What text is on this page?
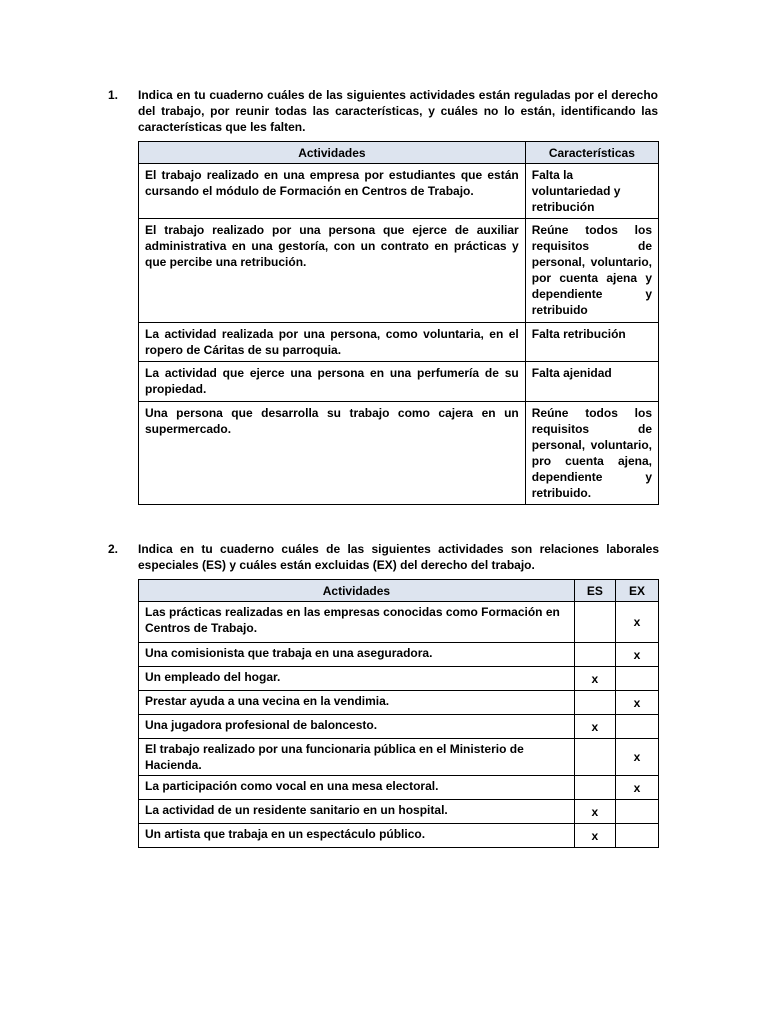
1. Indica en tu cuaderno cuáles de las siguientes actividades están reguladas por el derecho del trabajo, por reunir todas las características, y cuáles no lo están, identificando las características que les falten.
Actividades	Características
El trabajo realizado en una empresa por estudiantes que están cursando el módulo de Formación en Centros de Trabajo.	Falta la voluntariedad y retribución
El trabajo realizado por una persona que ejerce de auxiliar administrativa en una gestoría, con un contrato en prácticas y que percibe una retribución.	Reúne todos los requisitos de personal, voluntario, por cuenta ajena y dependiente y retribuido
La actividad realizada por una persona, como voluntaria, en el ropero de Cáritas de su parroquia.	Falta retribución
La actividad que ejerce una persona en una perfumería de su propiedad.	Falta ajenidad
Una persona que desarrolla su trabajo como cajera en un supermercado.	Reúne todos los requisitos de personal, voluntario, pro cuenta ajena, dependiente y retribuido.
2. Indica en tu cuaderno cuáles de las siguientes actividades son relaciones laborales especiales (ES) y cuáles están excluidas (EX) del derecho del trabajo.
Actividades	ES	EX
Las prácticas realizadas en las empresas conocidas como Formación en Centros de Trabajo.		x
Una comisionista que trabaja en una aseguradora.		x
Un empleado del hogar.	x	
Prestar ayuda a una vecina en la vendimia.		x
Una jugadora profesional de baloncesto.	x	
El trabajo realizado por una funcionaria pública en el Ministerio de Hacienda.		x
La participación como vocal en una mesa electoral.		x
La actividad de un residente sanitario en un hospital.	x	
Un artista que trabaja en un espectáculo público.	x	
